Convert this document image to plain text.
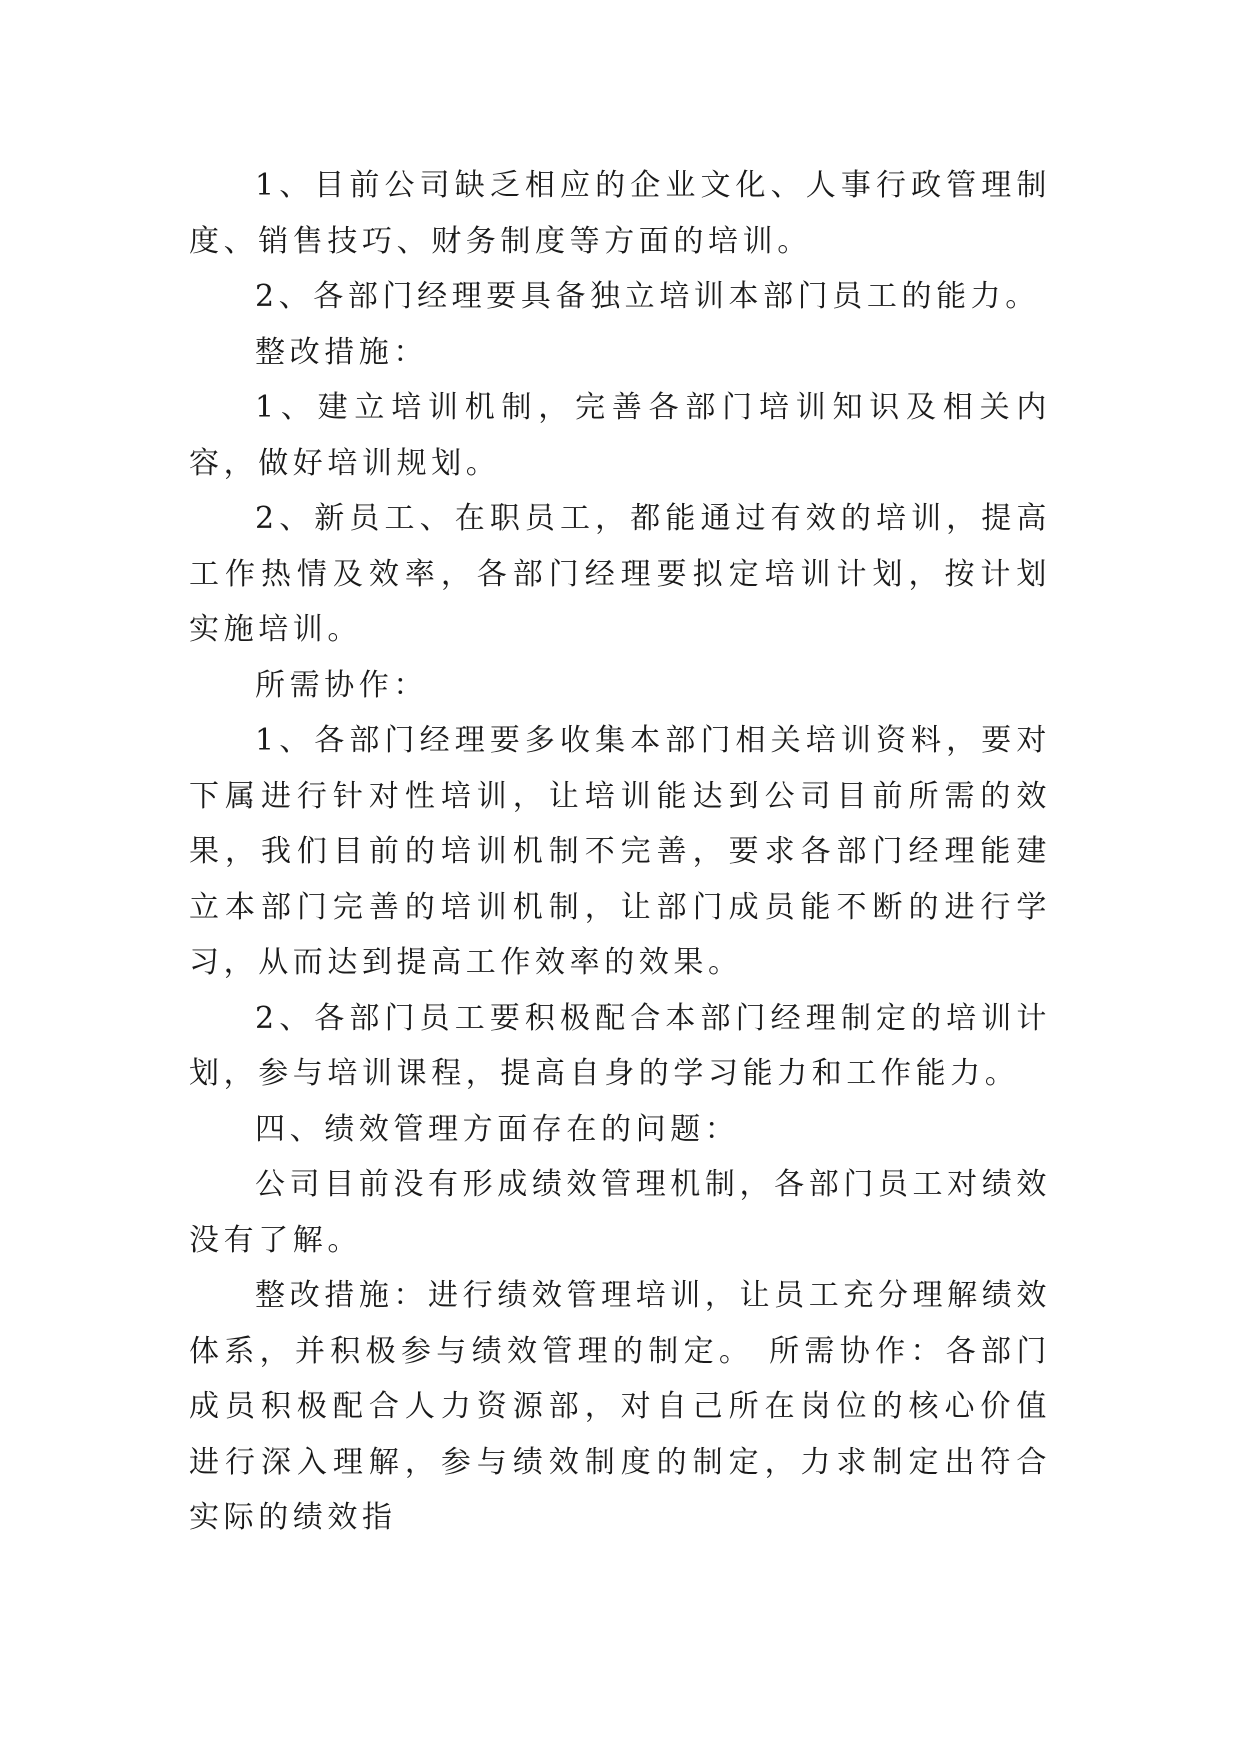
1、目前公司缺乏相应的企业文化、人事行政管理制度、销售技巧、财务制度等方面的培训。

2、各部门经理要具备独立培训本部门员工的能力。

整改措施：

1、建立培训机制，完善各部门培训知识及相关内容，做好培训规划。

2、新员工、在职员工，都能通过有效的培训，提高工作热情及效率，各部门经理要拟定培训计划，按计划实施培训。

所需协作：

1、各部门经理要多收集本部门相关培训资料，要对下属进行针对性培训，让培训能达到公司目前所需的效果，我们目前的培训机制不完善，要求各部门经理能建立本部门完善的培训机制，让部门成员能不断的进行学习，从而达到提高工作效率的效果。

2、各部门员工要积极配合本部门经理制定的培训计划，参与培训课程，提高自身的学习能力和工作能力。

四、绩效管理方面存在的问题：

公司目前没有形成绩效管理机制，各部门员工对绩效没有了解。

整改措施：进行绩效管理培训，让员工充分理解绩效体系，并积极参与绩效管理的制定。 所需协作：各部门成员积极配合人力资源部，对自己所在岗位的核心价值进行深入理解，参与绩效制度的制定，力求制定出符合实际的绩效指
